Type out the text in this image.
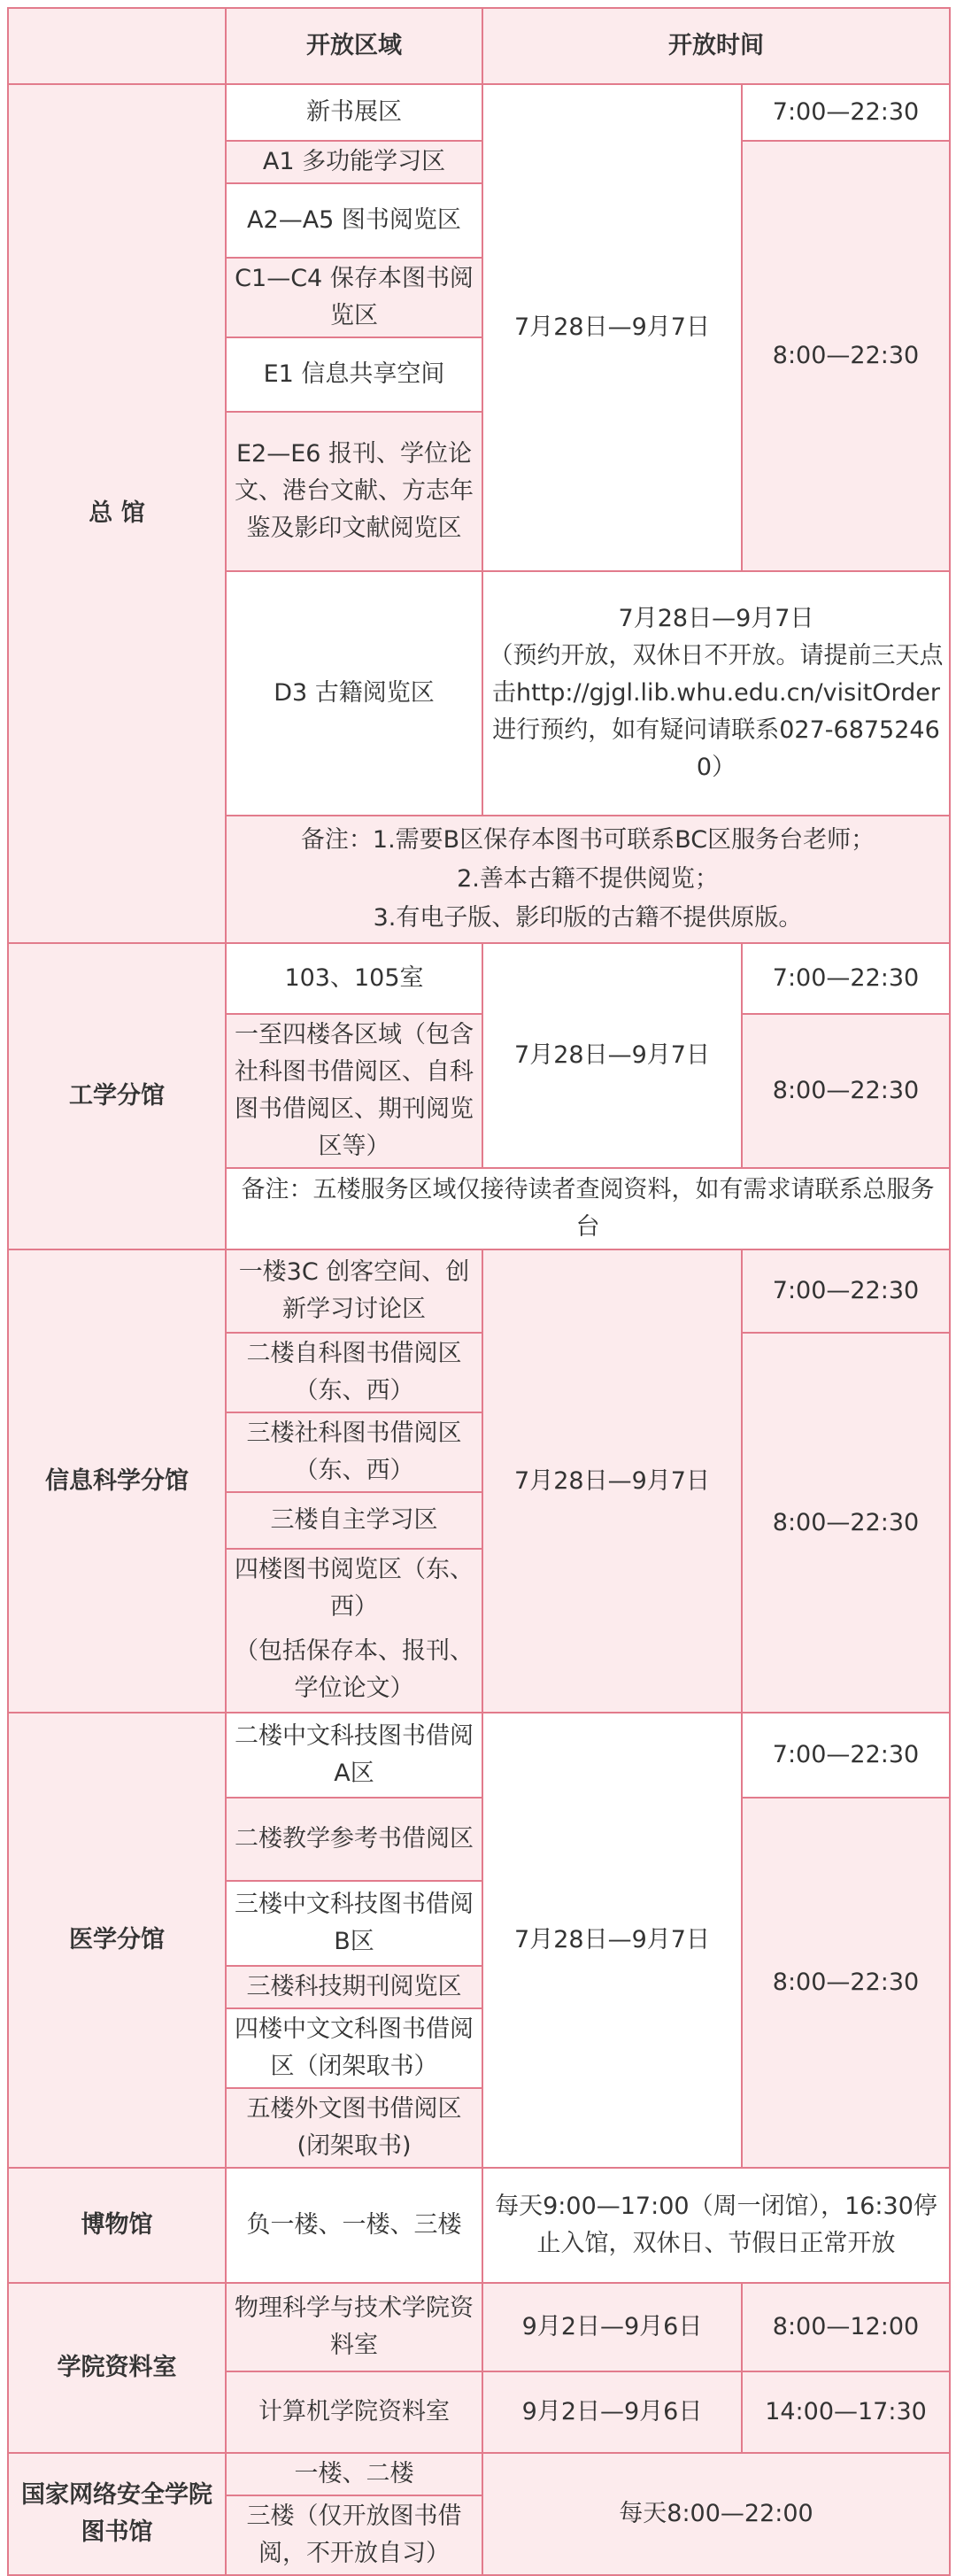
	开放区域	开放时间	
总 馆	新书展区	7月28日—9月7日	7:00—22:30
	A1 多功能学习区		8:00—22:30
	A2—A5 图书阅览区		
	C1—C4 保存本图书阅览区		
	E1 信息共享空间		
	E2—E6 报刊、学位论文、港台文献、方志年鉴及影印文献阅览区		
	D3 古籍阅览区	7月28日—9月7日
（预约开放，双休日不开放。请提前三天点击http://gjgl.lib.whu.edu.cn/visitOrder进行预约，如有疑问请联系027-68752460）	

	备注：1.需要B区保存本图书可联系BC区服务台老师；
2.善本古籍不提供阅览；
3.有电子版、影印版的古籍不提供原版。		

工学分馆	103、105室	7月28日—9月7日	7:00—22:30
	一至四楼各区域（包含社科图书借阅区、自科图书借阅区、期刊阅览区等）		8:00—22:30
	备注：五楼服务区域仅接待读者查阅资料，如有需求请联系总服务台		
信息科学分馆	一楼3C 创客空间、创新学习讨论区	7月28日—9月7日	7:00—22:30
	二楼自科图书借阅区（东、西）		8:00—22:30
	三楼社科图书借阅区（东、西）		
	三楼自主学习区		
	四楼图书阅览区（东、西）		
	（包括保存本、报刊、学位论文）		
医学分馆	二楼中文科技图书借阅A区	7月28日—9月7日	7:00—22:30
	二楼教学参考书借阅区		8:00—22:30
	三楼中文科技图书借阅B区		
	三楼科技期刊阅览区		
	四楼中文文科图书借阅区（闭架取书）		
	五楼外文图书借阅区(闭架取书)		
博物馆	负一楼、一楼、三楼	每天9:00—17:00（周一闭馆），16:30停止入馆，双休日、节假日正常开放	
学院资料室	物理科学与技术学院资料室	9月2日—9月6日	8:00—12:00
	计算机学院资料室	9月2日—9月6日	14:00—17:30
国家网络安全学院图书馆	一楼、二楼	每天8:00—22:00	
	三楼（仅开放图书借阅，不开放自习）		
